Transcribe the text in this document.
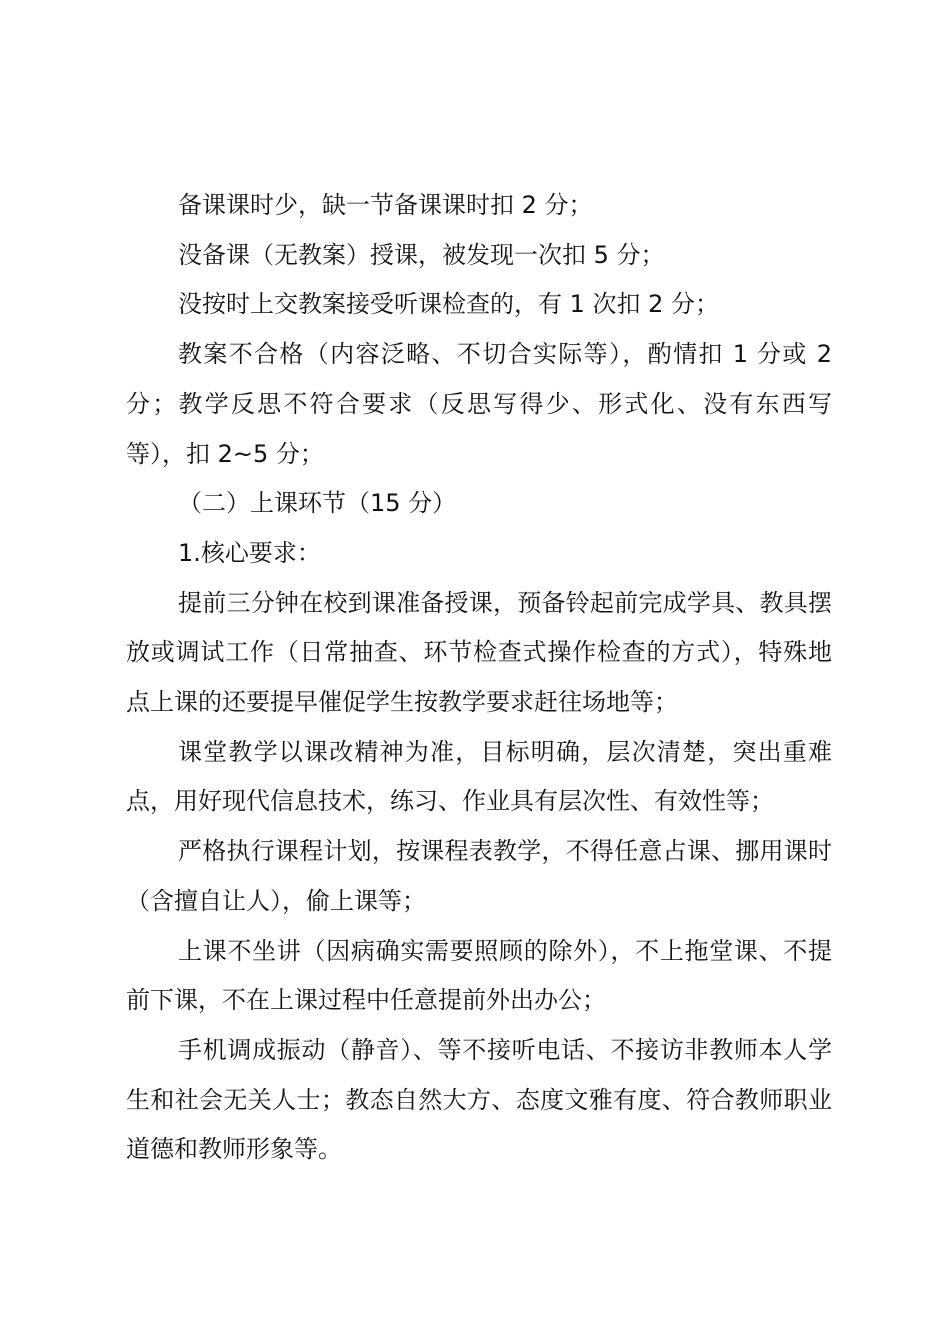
备课课时少，缺一节备课课时扣 2 分；

没备课（无教案）授课，被发现一次扣 5 分；

没按时上交教案接受听课检查的，有 1 次扣 2 分；

教案不合格（内容泛略、不切合实际等），酌情扣 1 分或 2 分；教学反思不符合要求（反思写得少、形式化、没有东西写等），扣 2~5 分；

（二）上课环节（15 分）

1.核心要求：

提前三分钟在校到课准备授课，预备铃起前完成学具、教具摆放或调试工作（日常抽查、环节检查式操作检查的方式），特殊地点上课的还要提早催促学生按教学要求赶往场地等；

课堂教学以课改精神为准，目标明确，层次清楚，突出重难点，用好现代信息技术，练习、作业具有层次性、有效性等；

严格执行课程计划，按课程表教学，不得任意占课、挪用课时（含擅自让人），偷上课等；

上课不坐讲（因病确实需要照顾的除外），不上拖堂课、不提前下课，不在上课过程中任意提前外出办公；

手机调成振动（静音）、等不接听电话、不接访非教师本人学生和社会无关人士；教态自然大方、态度文雅有度、符合教师职业道德和教师形象等。
